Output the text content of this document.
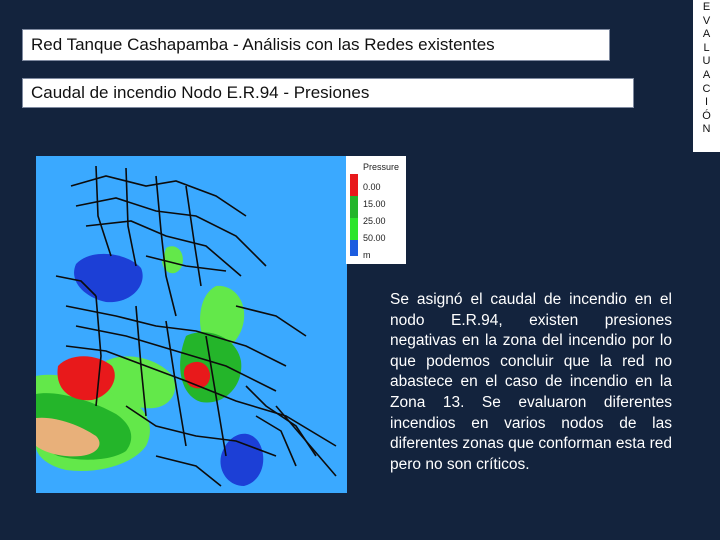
Red Tanque Cashapamba - Análisis con las Redes existentes
Caudal de incendio Nodo E.R.94 - Presiones
E
V
A
L
U
A
C
I
Ó
N
Pressure
0.00
15.00
25.00
50.00
m
Se asignó el caudal de incendio en el nodo E.R.94, existen presiones negativas en la zona del incendio por lo que podemos concluir que la red no abastece en el caso de incendio en la Zona 13. Se evaluaron diferentes incendios en varios nodos de las diferentes zonas que conforman esta red pero no son críticos.
